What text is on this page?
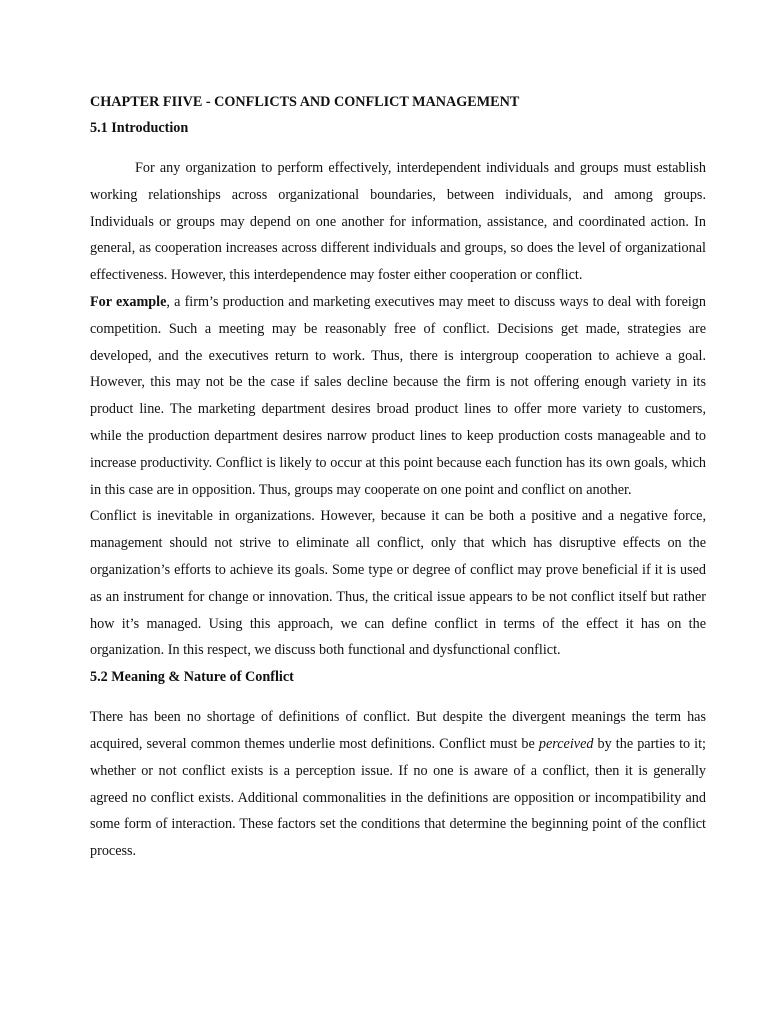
CHAPTER FIIVE - CONFLICTS AND CONFLICT MANAGEMENT
5.1 Introduction

For any organization to perform effectively, interdependent individuals and groups must establish working relationships across organizational boundaries, between individuals, and among groups. Individuals or groups may depend on one another for information, assistance, and coordinated action. In general, as cooperation increases across different individuals and groups, so does the level of organizational effectiveness. However, this interdependence may foster either cooperation or conflict.

For example, a firm’s production and marketing executives may meet to discuss ways to deal with foreign competition. Such a meeting may be reasonably free of conflict. Decisions get made, strategies are developed, and the executives return to work. Thus, there is intergroup cooperation to achieve a goal. However, this may not be the case if sales decline because the firm is not offering enough variety in its product line. The marketing department desires broad product lines to offer more variety to customers, while the production department desires narrow product lines to keep production costs manageable and to increase productivity. Conflict is likely to occur at this point because each function has its own goals, which in this case are in opposition. Thus, groups may cooperate on one point and conflict on another.

Conflict is inevitable in organizations. However, because it can be both a positive and a negative force, management should not strive to eliminate all conflict, only that which has disruptive effects on the organization’s efforts to achieve its goals. Some type or degree of conflict may prove beneficial if it is used as an instrument for change or innovation. Thus, the critical issue appears to be not conflict itself but rather how it’s managed. Using this approach, we can define conflict in terms of the effect it has on the organization. In this respect, we discuss both functional and dysfunctional conflict.

5.2 Meaning & Nature of Conflict

There has been no shortage of definitions of conflict. But despite the divergent meanings the term has acquired, several common themes underlie most definitions. Conflict must be perceived by the parties to it; whether or not conflict exists is a perception issue. If no one is aware of a conflict, then it is generally agreed no conflict exists. Additional commonalities in the definitions are opposition or incompatibility and some form of interaction. These factors set the conditions that determine the beginning point of the conflict process.
